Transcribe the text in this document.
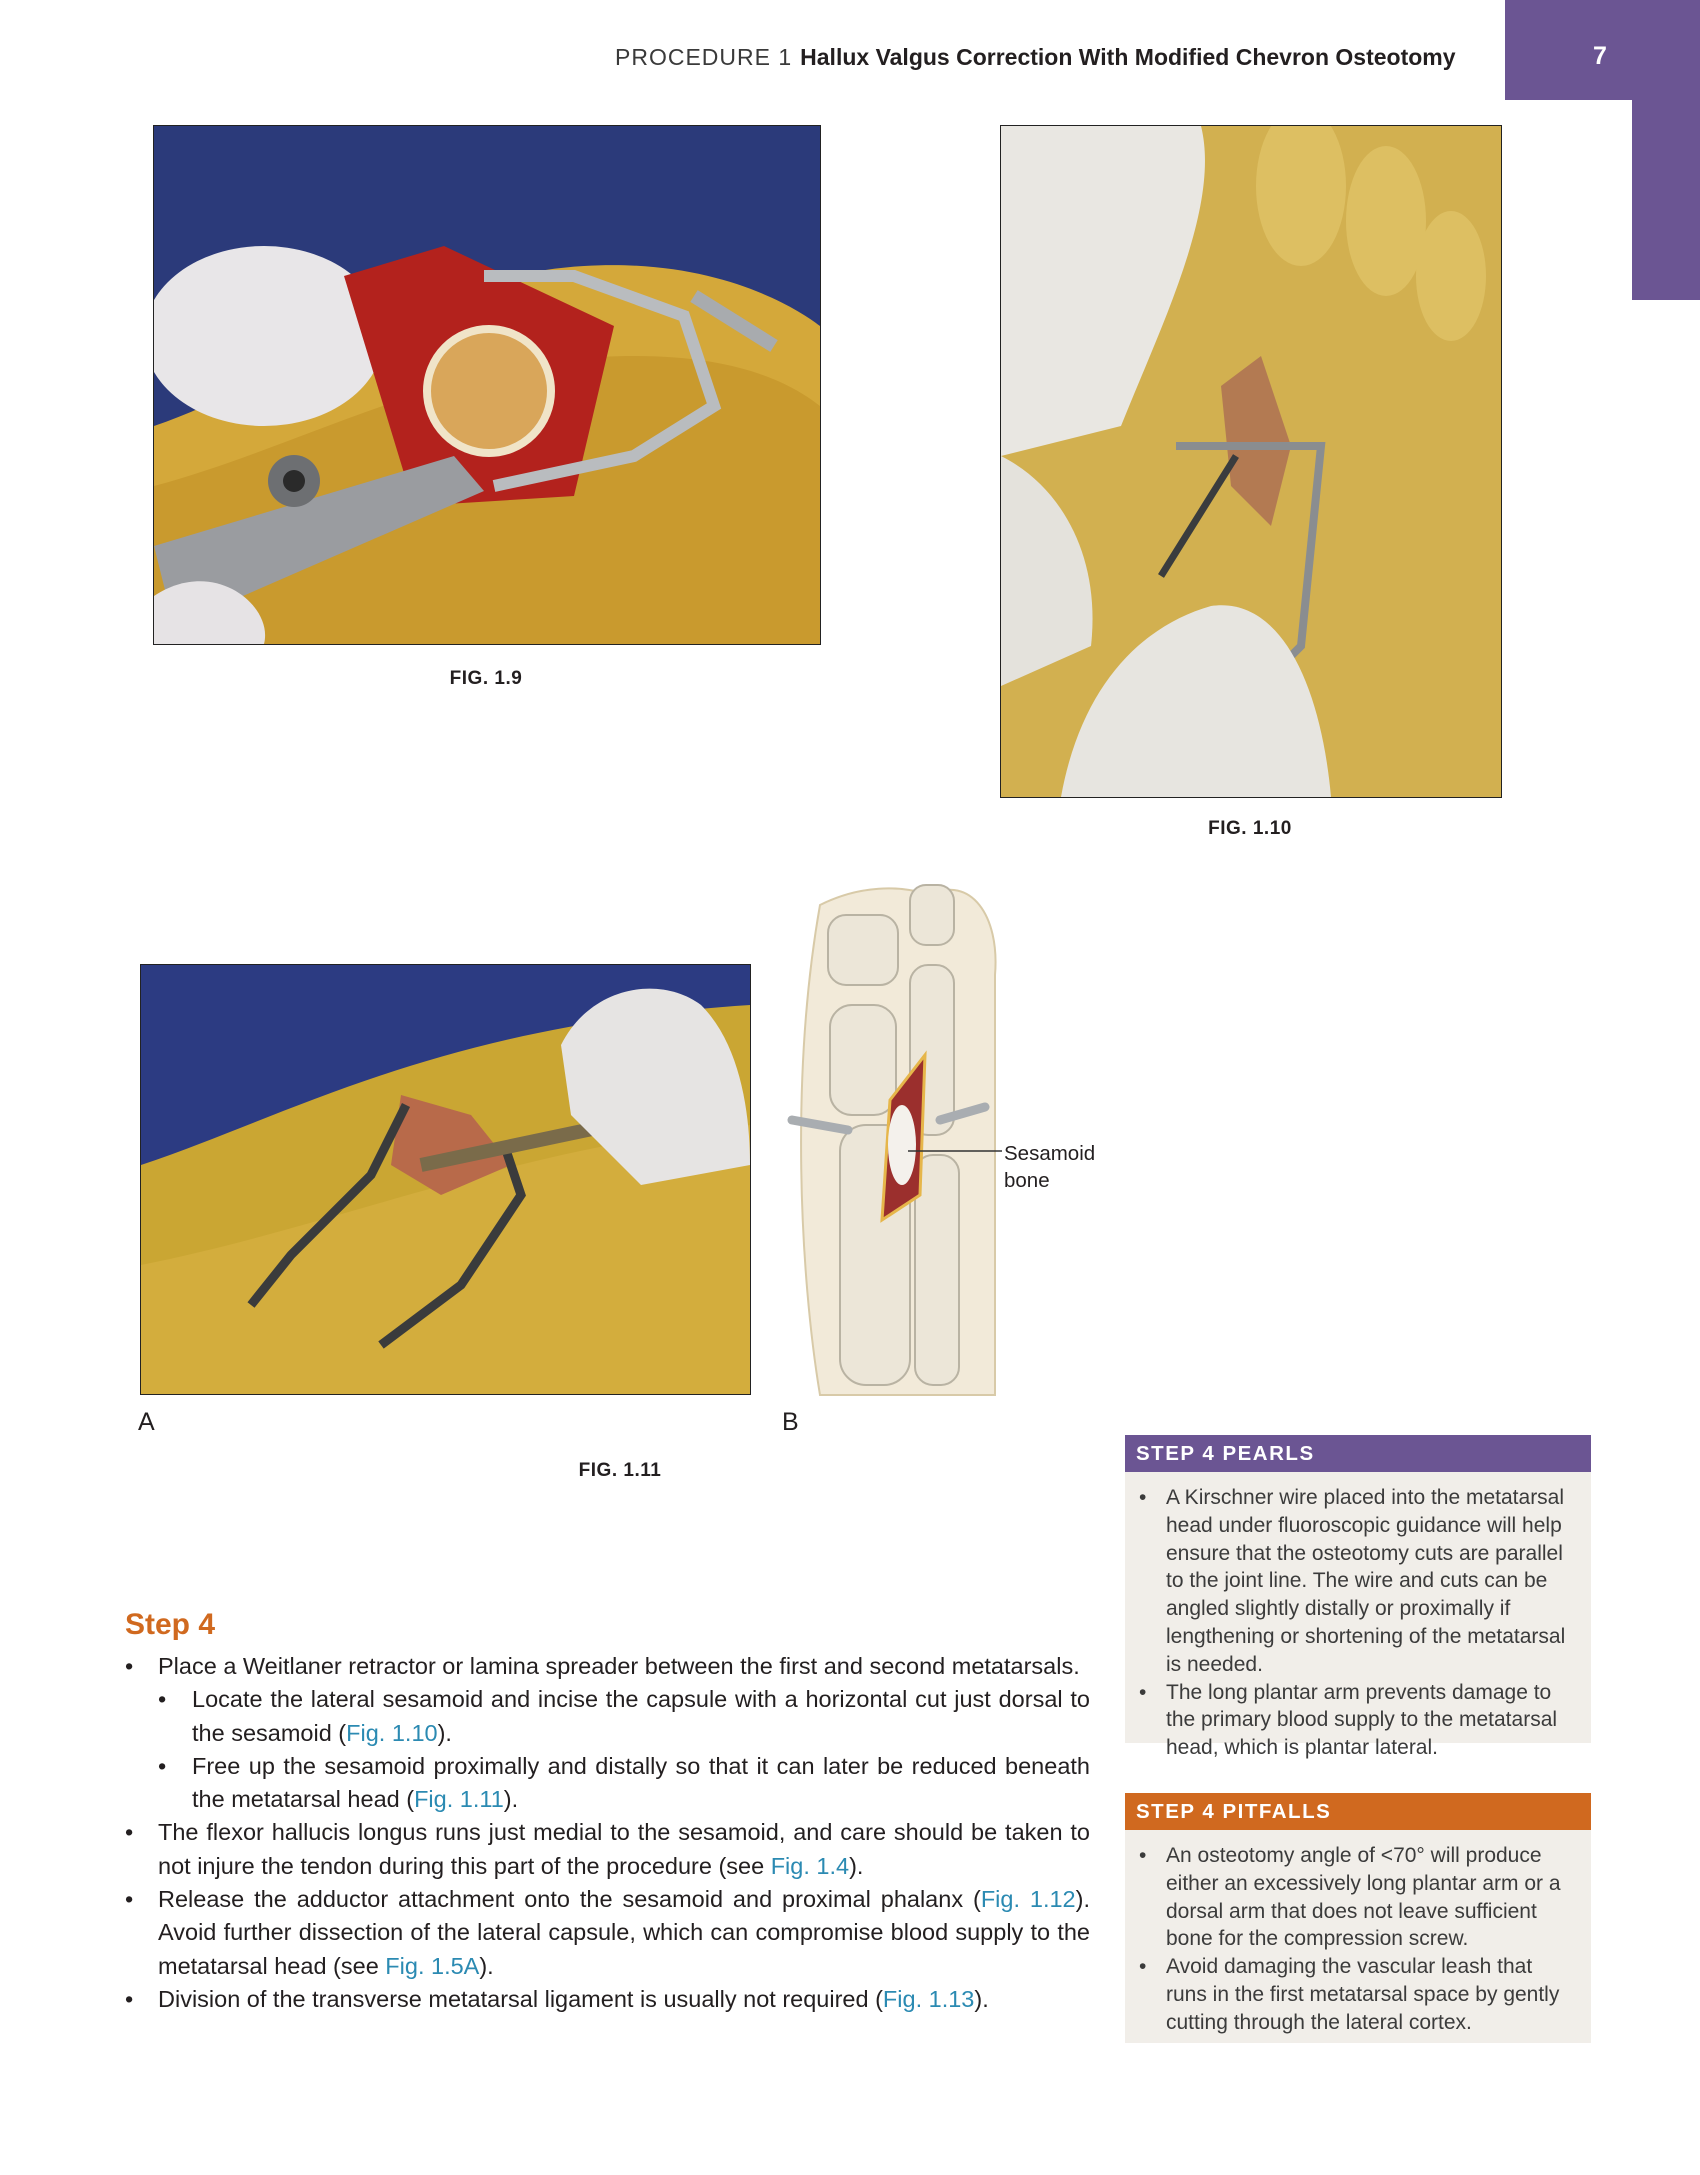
PROCEDURE 1 Hallux Valgus Correction With Modified Chevron Osteotomy	7
FIG. 1.9
FIG. 1.10
A
Sesamoid
bone
B
FIG. 1.11
Step 4
• Place a Weitlaner retractor or lamina spreader between the first and second metatarsals.
• Locate the lateral sesamoid and incise the capsule with a horizontal cut just dorsal to the sesamoid (Fig. 1.10).
• Free up the sesamoid proximally and distally so that it can later be reduced beneath the metatarsal head (Fig. 1.11).
• The flexor hallucis longus runs just medial to the sesamoid, and care should be taken to not injure the tendon during this part of the procedure (see Fig. 1.4).
• Release the adductor attachment onto the sesamoid and proximal phalanx (Fig. 1.12). Avoid further dissection of the lateral capsule, which can compromise blood supply to the metatarsal head (see Fig. 1.5A).
• Division of the transverse metatarsal ligament is usually not required (Fig. 1.13).
STEP 4 PEARLS
• A Kirschner wire placed into the metatarsal head under fluoroscopic guidance will help ensure that the osteotomy cuts are parallel to the joint line. The wire and cuts can be angled slightly distally or proximally if lengthening or shortening of the metatarsal is needed.
• The long plantar arm prevents damage to the primary blood supply to the metatarsal head, which is plantar lateral.
STEP 4 PITFALLS
• An osteotomy angle of <70° will produce either an excessively long plantar arm or a dorsal arm that does not leave sufficient bone for the compression screw.
• Avoid damaging the vascular leash that runs in the first metatarsal space by gently cutting through the lateral cortex.
